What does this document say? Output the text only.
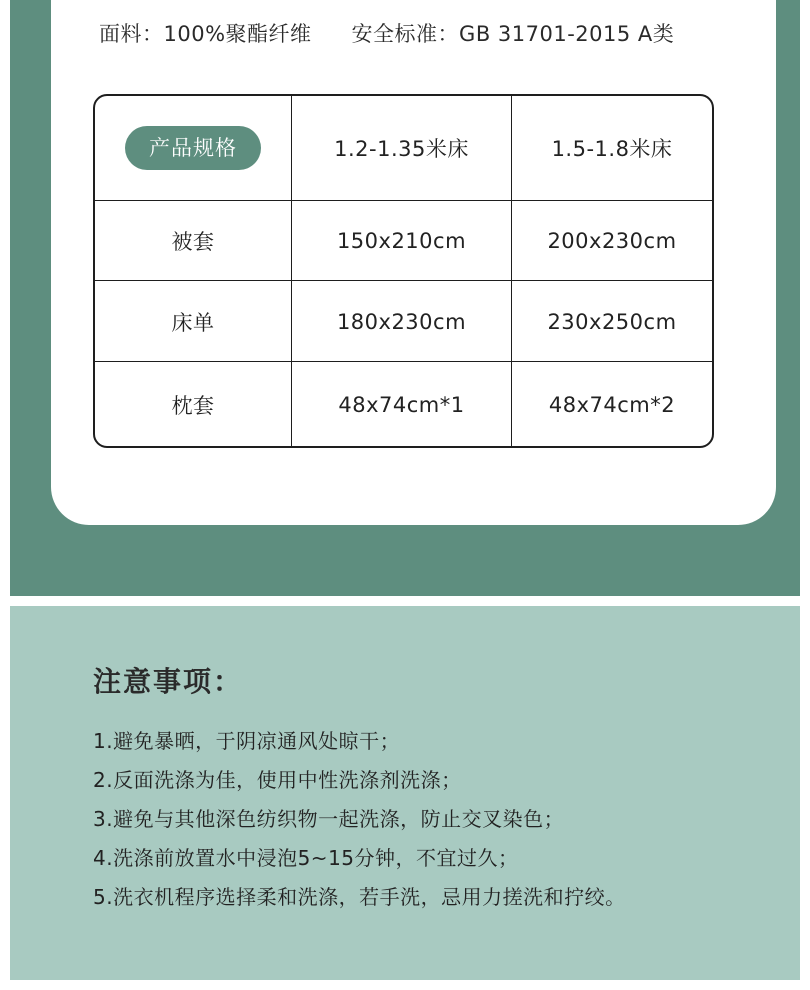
面料：100%聚酯纤维 安全标准：GB 31701-2015 A类
产品规格	1.2-1.35米床	1.5-1.8米床
被套	150x210cm	200x230cm
床单	180x230cm	230x250cm
枕套	48x74cm*1	48x74cm*2
注意事项：
1.避免暴晒，于阴凉通风处晾干；
2.反面洗涤为佳，使用中性洗涤剂洗涤；
3.避免与其他深色纺织物一起洗涤，防止交叉染色；
4.洗涤前放置水中浸泡5~15分钟，不宜过久；
5.洗衣机程序选择柔和洗涤，若手洗，忌用力搓洗和拧绞。
